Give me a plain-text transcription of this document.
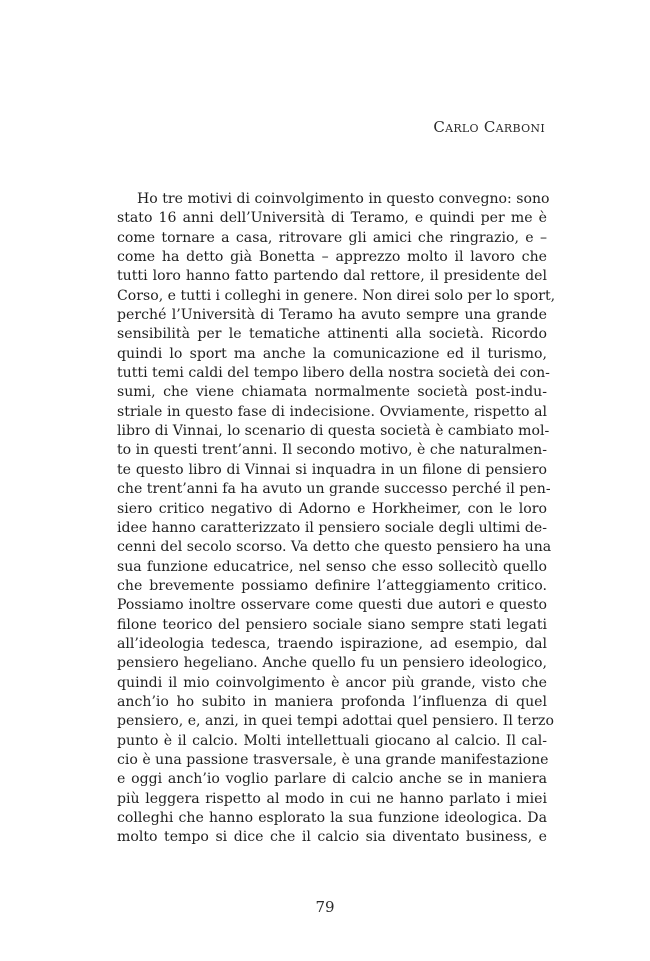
Carlo Carboni
Ho tre motivi di coinvolgimento in questo convegno: sono
stato 16 anni dell’Università di Teramo, e quindi per me è
come tornare a casa, ritrovare gli amici che ringrazio, e –
come ha detto già Bonetta – apprezzo molto il lavoro che
tutti loro hanno fatto partendo dal rettore, il presidente del
Corso, e tutti i colleghi in genere. Non direi solo per lo sport,
perché l’Università di Teramo ha avuto sempre una grande
sensibilità per le tematiche attinenti alla società. Ricordo
quindi lo sport ma anche la comunicazione ed il turismo,
tutti temi caldi del tempo libero della nostra società dei con-
sumi, che viene chiamata normalmente società post-indu-
striale in questo fase di indecisione. Ovviamente, rispetto al
libro di Vinnai, lo scenario di questa società è cambiato mol-
to in questi trent’anni. Il secondo motivo, è che naturalmen-
te questo libro di Vinnai si inquadra in un filone di pensiero
che trent’anni fa ha avuto un grande successo perché il pen-
siero critico negativo di Adorno e Horkheimer, con le loro
idee hanno caratterizzato il pensiero sociale degli ultimi de-
cenni del secolo scorso. Va detto che questo pensiero ha una
sua funzione educatrice, nel senso che esso sollecitò quello
che brevemente possiamo definire l’atteggiamento critico.
Possiamo inoltre osservare come questi due autori e questo
filone teorico del pensiero sociale siano sempre stati legati
all’ideologia tedesca, traendo ispirazione, ad esempio, dal
pensiero hegeliano. Anche quello fu un pensiero ideologico,
quindi il mio coinvolgimento è ancor più grande, visto che
anch’io ho subito in maniera profonda l’influenza di quel
pensiero, e, anzi, in quei tempi adottai quel pensiero. Il terzo
punto è il calcio. Molti intellettuali giocano al calcio. Il cal-
cio è una passione trasversale, è una grande manifestazione
e oggi anch’io voglio parlare di calcio anche se in maniera
più leggera rispetto al modo in cui ne hanno parlato i miei
colleghi che hanno esplorato la sua funzione ideologica. Da
molto tempo si dice che il calcio sia diventato business, e
79
